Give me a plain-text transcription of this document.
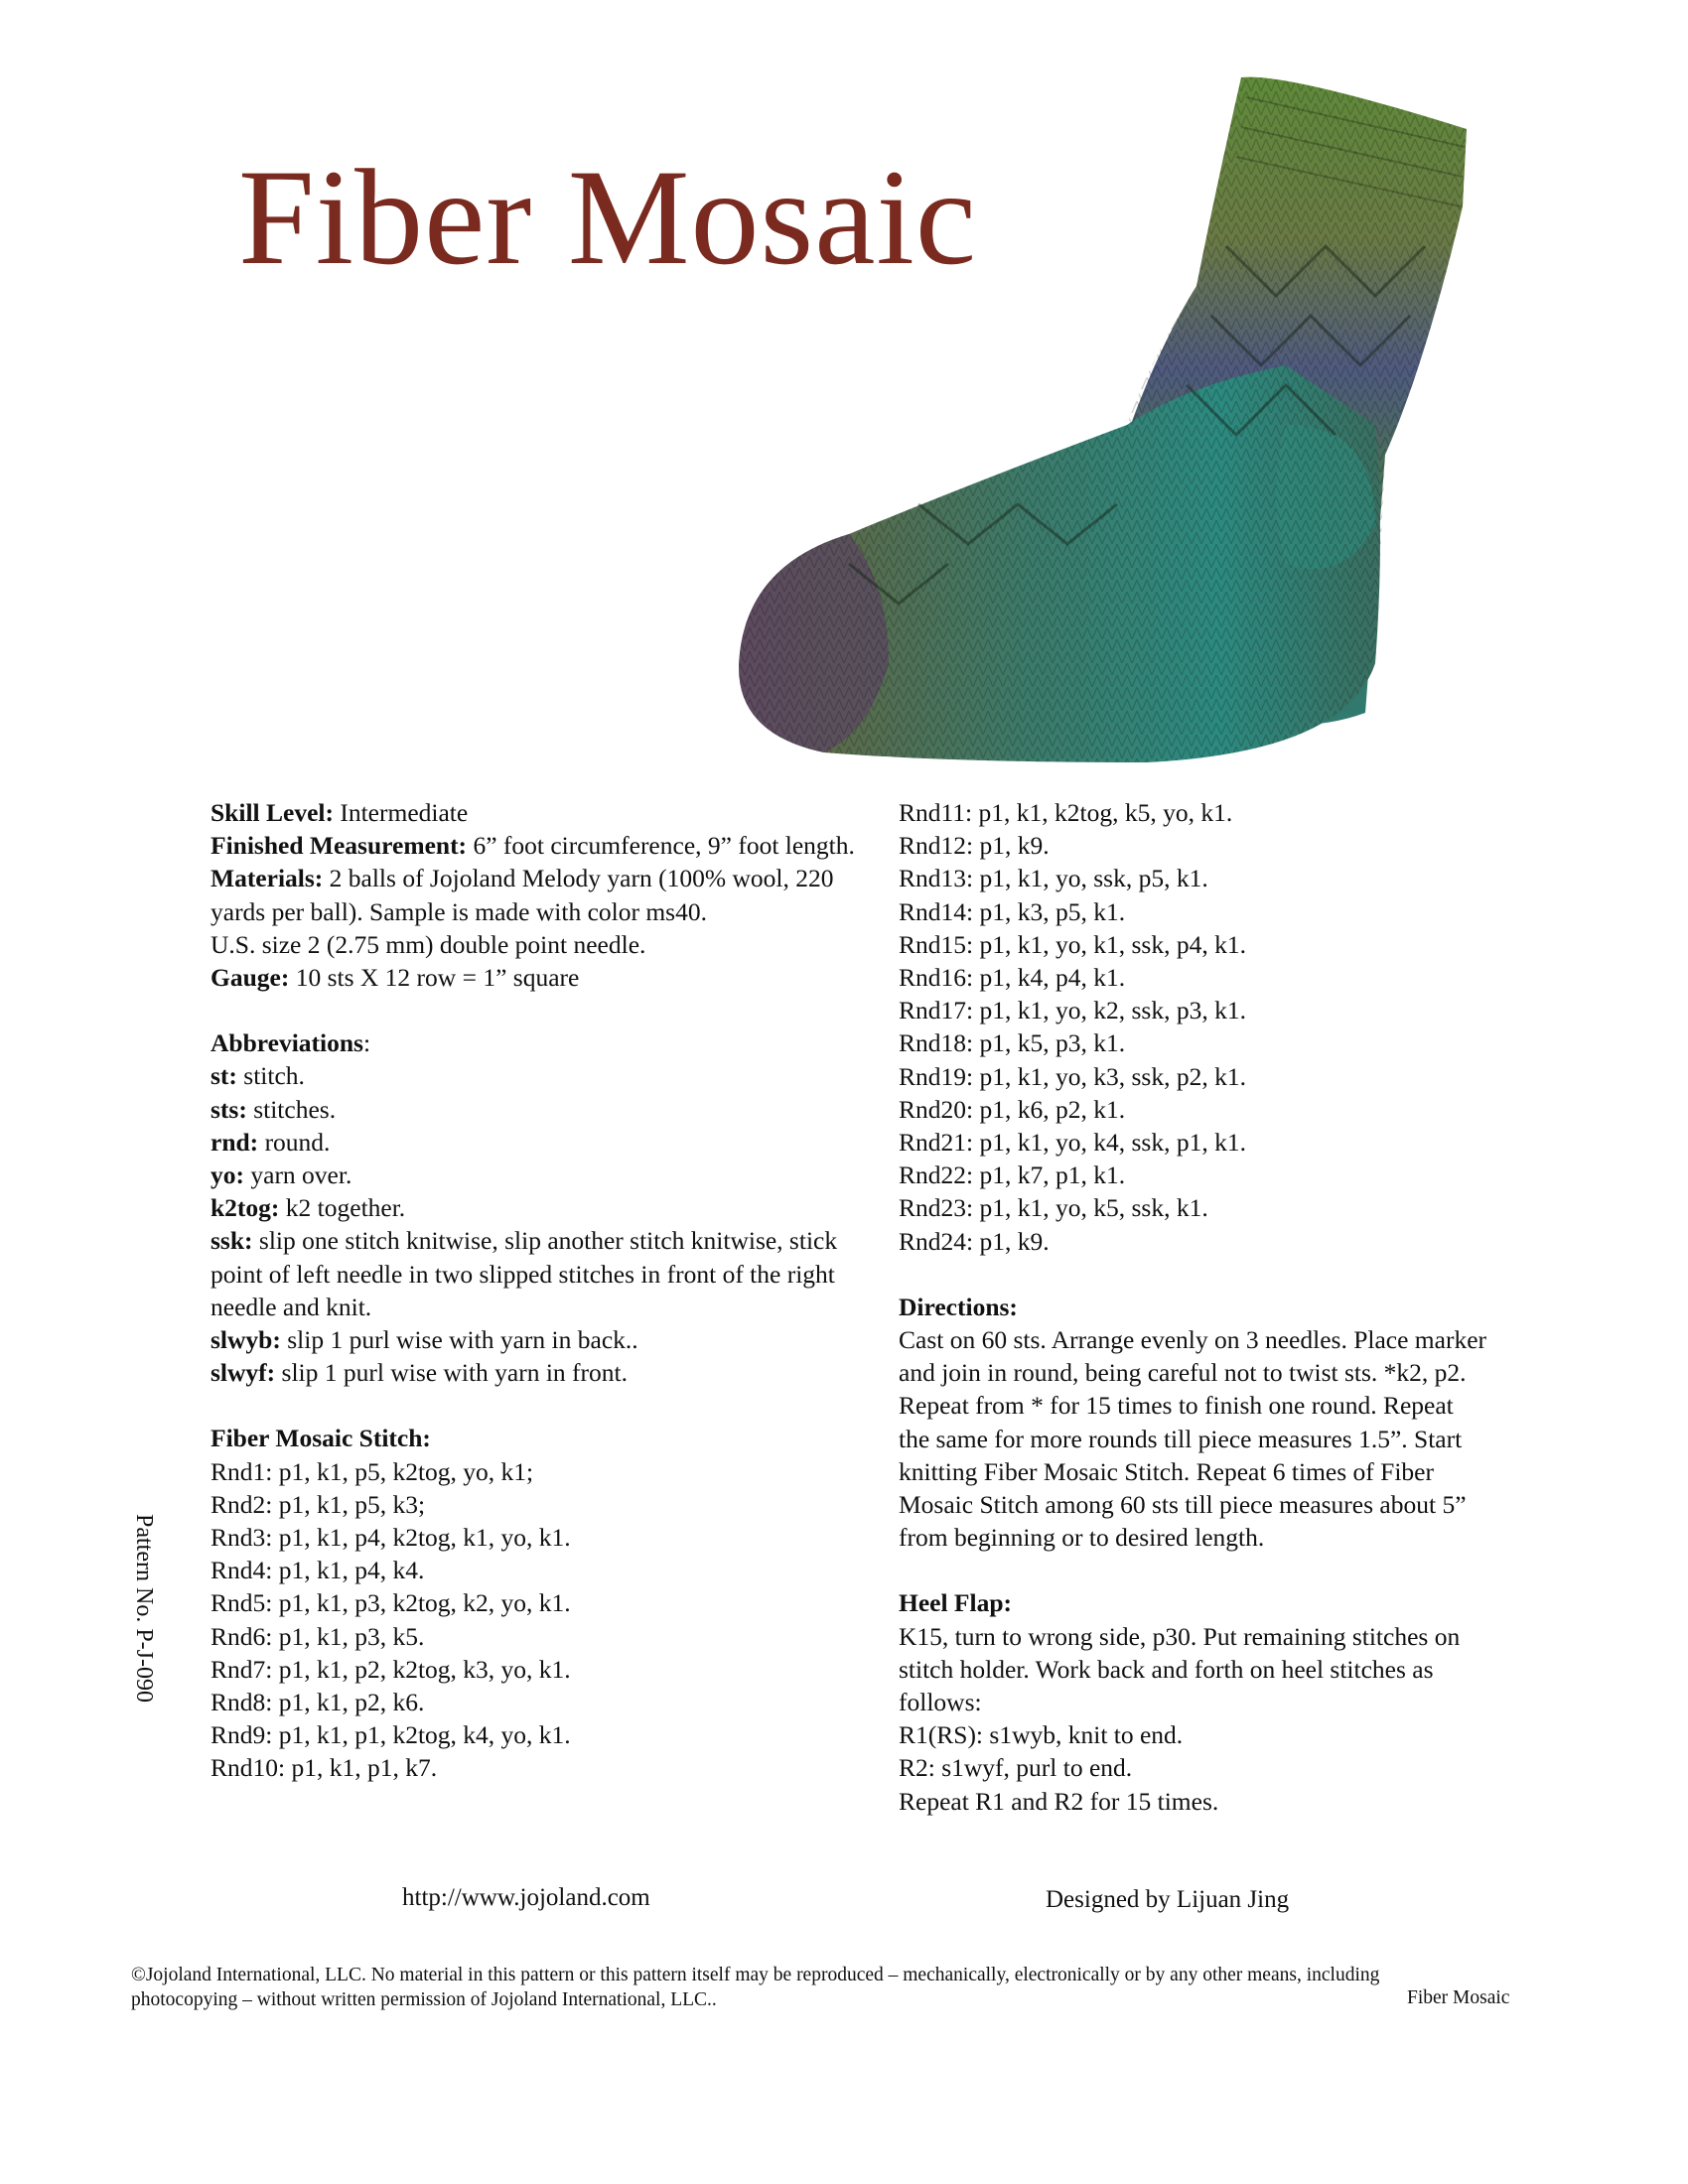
Fiber Mosaic
Skill Level: Intermediate
Finished Measurement: 6” foot circumference, 9” foot length.
Materials: 2 balls of Jojoland Melody yarn (100% wool, 220 yards per ball). Sample is made with color ms40.
U.S. size 2 (2.75 mm) double point needle.
Gauge: 10 sts X 12 row = 1” square
Abbreviations:
st: stitch.
sts: stitches.
rnd: round.
yo: yarn over.
k2tog: k2 together.
ssk: slip one stitch knitwise, slip another stitch knitwise, stick point of left needle in two slipped stitches in front of the right needle and knit.
slwyb: slip 1 purl wise with yarn in back..
slwyf: slip 1 purl wise with yarn in front.
Fiber Mosaic Stitch:
Rnd1: p1, k1, p5, k2tog, yo, k1;
Rnd2: p1, k1, p5, k3;
Rnd3: p1, k1, p4, k2tog, k1, yo, k1.
Rnd4: p1, k1, p4, k4.
Rnd5: p1, k1, p3, k2tog, k2, yo, k1.
Rnd6: p1, k1, p3, k5.
Rnd7: p1, k1, p2, k2tog, k3, yo, k1.
Rnd8: p1, k1, p2, k6.
Rnd9: p1, k1, p1, k2tog, k4, yo, k1.
Rnd10: p1, k1, p1, k7.
Rnd11: p1, k1, k2tog, k5, yo, k1.
Rnd12: p1, k9.
Rnd13: p1, k1, yo, ssk, p5, k1.
Rnd14: p1, k3, p5, k1.
Rnd15: p1, k1, yo, k1, ssk, p4, k1.
Rnd16: p1, k4, p4, k1.
Rnd17: p1, k1, yo, k2, ssk, p3, k1.
Rnd18: p1, k5, p3, k1.
Rnd19: p1, k1, yo, k3, ssk, p2, k1.
Rnd20: p1, k6, p2, k1.
Rnd21: p1, k1, yo, k4, ssk, p1, k1.
Rnd22: p1, k7, p1, k1.
Rnd23: p1, k1, yo, k5, ssk, k1.
Rnd24: p1, k9.
Directions:
Cast on 60 sts. Arrange evenly on 3 needles. Place marker
and join in round, being careful not to twist sts. *k2, p2.
Repeat from * for 15 times to finish one round. Repeat
the same for more rounds till piece measures 1.5”. Start
knitting Fiber Mosaic Stitch. Repeat 6 times of Fiber
Mosaic Stitch among 60 sts till piece measures about 5”
from beginning or to desired length.
Heel Flap:
K15, turn to wrong side, p30. Put remaining stitches on
stitch holder. Work back and forth on heel stitches as
follows:
R1(RS): s1wyb, knit to end.
R2: s1wyf, purl to end.
Repeat R1 and R2 for 15 times.
Pattern No. P-J-090
http://www.jojoland.com	Designed by Lijuan Jing
©Jojoland International, LLC. No material in this pattern or this pattern itself may be reproduced – mechanically, electronically or by any other means, including
photocopying – without written permission of Jojoland International, LLC..	Fiber Mosaic
